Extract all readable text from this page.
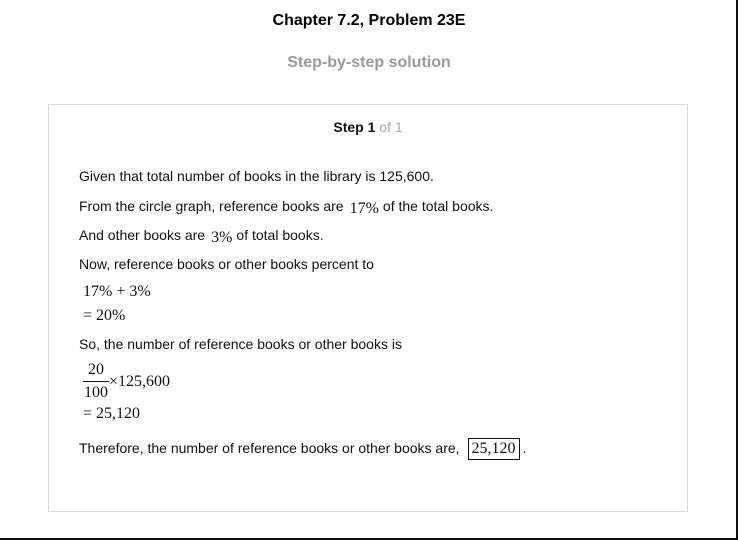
Chapter 7.2, Problem 23E
Step-by-step solution
Step 1 of 1
Given that total number of books in the library is 125,600.
From the circle graph, reference books are 17% of the total books.
And other books are 3% of total books.
Now, reference books or other books percent to
17% + 3%
= 20%
So, the number of reference books or other books is
$\frac{20}{100} \times 125,600$
= 25,120
Therefore, the number of reference books or other books are, 25,120 .
